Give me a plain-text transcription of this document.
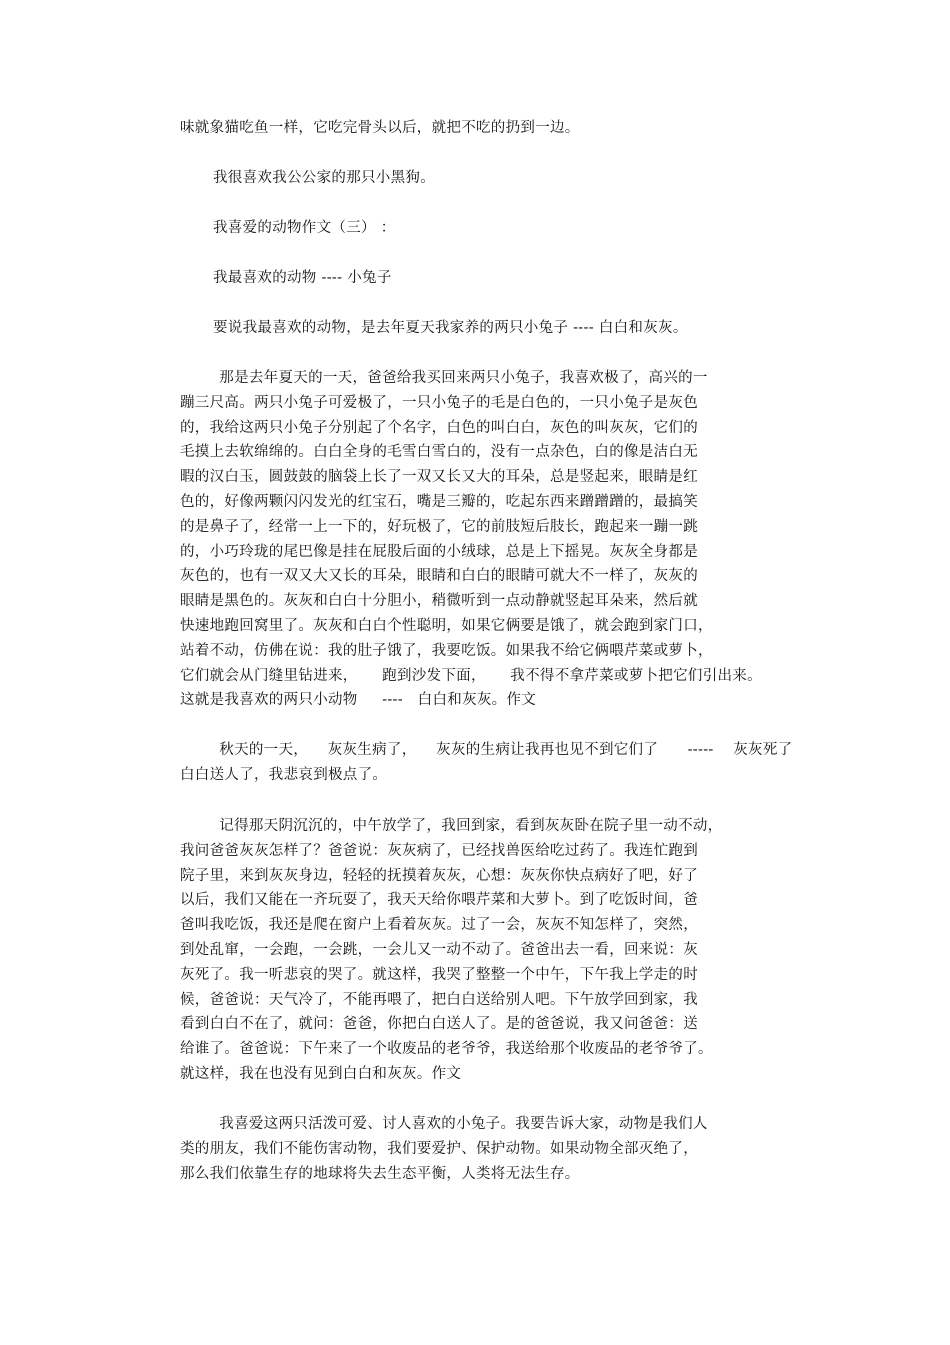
味就象猫吃鱼一样，它吃完骨头以后，就把不吃的扔到一边。

我很喜欢我公公家的那只小黑狗。

我喜爱的动物作文（三） ：

我最喜欢的动物 ---- 小兔子

要说我最喜欢的动物，是去年夏天我家养的两只小兔子 ---- 白白和灰灰。

那是去年夏天的一天，爸爸给我买回来两只小兔子，我喜欢极了，高兴的一
蹦三尺高。两只小兔子可爱极了，一只小兔子的毛是白色的，一只小兔子是灰色
的，我给这两只小兔子分别起了个名字，白色的叫白白，灰色的叫灰灰，它们的
毛摸上去软绵绵的。白白全身的毛雪白雪白的，没有一点杂色，白的像是洁白无
暇的汉白玉，圆鼓鼓的脑袋上长了一双又长又大的耳朵，总是竖起来，眼睛是红
色的，好像两颗闪闪发光的红宝石，嘴是三瓣的，吃起东西来蹭蹭蹭的，最搞笑
的是鼻子了，经常一上一下的，好玩极了，它的前肢短后肢长，跑起来一蹦一跳
的，小巧玲珑的尾巴像是挂在屁股后面的小绒球，总是上下摇晃。灰灰全身都是
灰色的，也有一双又大又长的耳朵，眼睛和白白的眼睛可就大不一样了，灰灰的
眼睛是黑色的。灰灰和白白十分胆小，稍微听到一点动静就竖起耳朵来，然后就
快速地跑回窝里了。灰灰和白白个性聪明，如果它俩要是饿了，就会跑到家门口，
站着不动，仿佛在说：我的肚子饿了，我要吃饭。如果我不给它俩喂芹菜或萝卜，
它们就会从门缝里钻进来，     跑到沙发下面，     我不得不拿芹菜或萝卜把它们引出来。
这就是我喜欢的两只小动物     ----   白白和灰灰。作文
秋天的一天，    灰灰生病了，    灰灰的生病让我再也见不到它们了      -----    灰灰死了
白白送人了，我悲哀到极点了。
记得那天阴沉沉的，中午放学了，我回到家，看到灰灰卧在院子里一动不动，
我问爸爸灰灰怎样了？爸爸说：灰灰病了，已经找兽医给吃过药了。我连忙跑到
院子里，来到灰灰身边，轻轻的抚摸着灰灰，心想：灰灰你快点病好了吧，好了
以后，我们又能在一齐玩耍了，我天天给你喂芹菜和大萝卜。到了吃饭时间，爸
爸叫我吃饭，我还是爬在窗户上看着灰灰。过了一会，灰灰不知怎样了，突然，
到处乱窜，一会跑，一会跳，一会儿又一动不动了。爸爸出去一看，回来说：灰
灰死了。我一听悲哀的哭了。就这样，我哭了整整一个中午，下午我上学走的时
候，爸爸说：天气冷了，不能再喂了，把白白送给别人吧。下午放学回到家，我
看到白白不在了，就问：爸爸，你把白白送人了。是的爸爸说，我又问爸爸：送
给谁了。爸爸说：下午来了一个收废品的老爷爷，我送给那个收废品的老爷爷了。
就这样，我在也没有见到白白和灰灰。作文
我喜爱这两只活泼可爱、讨人喜欢的小兔子。我要告诉大家，动物是我们人
类的朋友，我们不能伤害动物，我们要爱护、保护动物。如果动物全部灭绝了，
那么我们依靠生存的地球将失去生态平衡，人类将无法生存。
